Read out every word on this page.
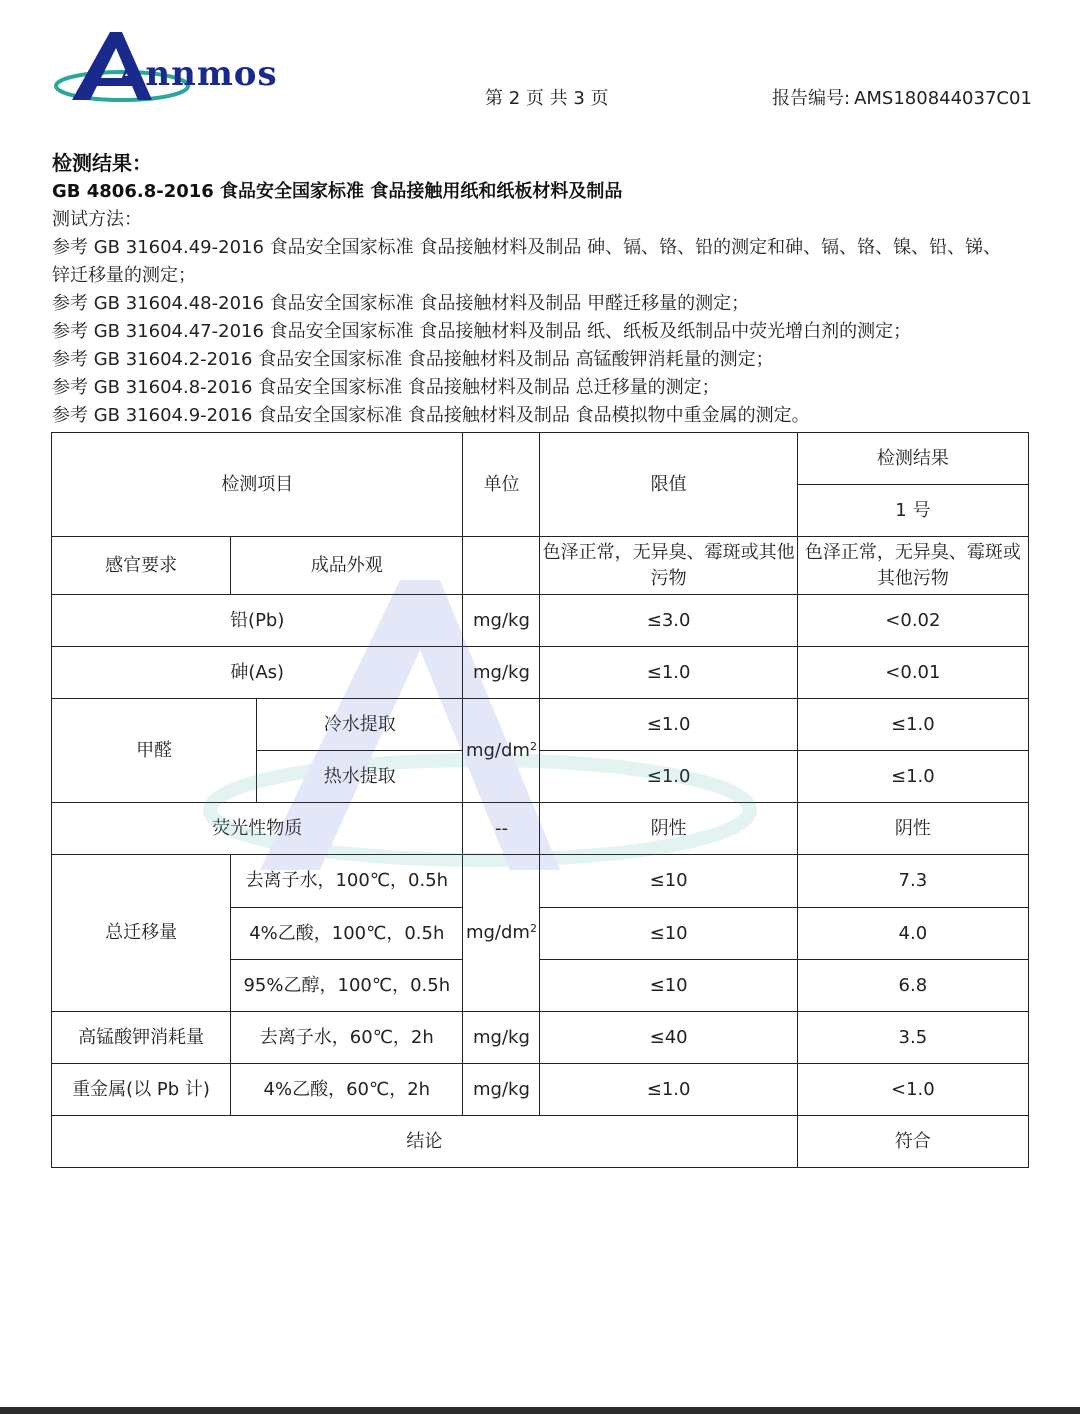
Annmos
第 2 页 共 3 页	报告编号: AMS180844037C01
检测结果：
GB 4806.8-2016 食品安全国家标准 食品接触用纸和纸板材料及制品
测试方法：
参考 GB 31604.49-2016 食品安全国家标准 食品接触材料及制品 砷、镉、铬、铅的测定和砷、镉、铬、镍、铅、锑、
锌迁移量的测定；
参考 GB 31604.48-2016 食品安全国家标准 食品接触材料及制品 甲醛迁移量的测定；
参考 GB 31604.47-2016 食品安全国家标准 食品接触材料及制品 纸、纸板及纸制品中荧光增白剂的测定；
参考 GB 31604.2-2016 食品安全国家标准 食品接触材料及制品 高锰酸钾消耗量的测定；
参考 GB 31604.8-2016 食品安全国家标准 食品接触材料及制品 总迁移量的测定；
参考 GB 31604.9-2016 食品安全国家标准 食品接触材料及制品 食品模拟物中重金属的测定。
检测项目			单位	限值	检测结果
					1 号
感官要求	成品外观			色泽正常，无异臭、霉斑或其他污物	色泽正常，无异臭、霉斑或其他污物
铅(Pb)			mg/kg	≤3.0	<0.02
砷(As)			mg/kg	≤1.0	<0.01
甲醛		冷水提取	$mg/dm^2$	≤1.0	≤1.0
		热水提取		≤1.0	≤1.0
荧光性物质			--	阴性	阴性
总迁移量	去离子水，100℃，0.5h		$mg/dm^2$	≤10	7.3
	4%乙酸，100℃，0.5h			≤10	4.0
	95%乙醇，100℃，0.5h			≤10	6.8
高锰酸钾消耗量	去离子水，60℃，2h		mg/kg	≤40	3.5
重金属(以 Pb 计)	4%乙酸，60℃，2h		mg/kg	≤1.0	<1.0
结论					符合
